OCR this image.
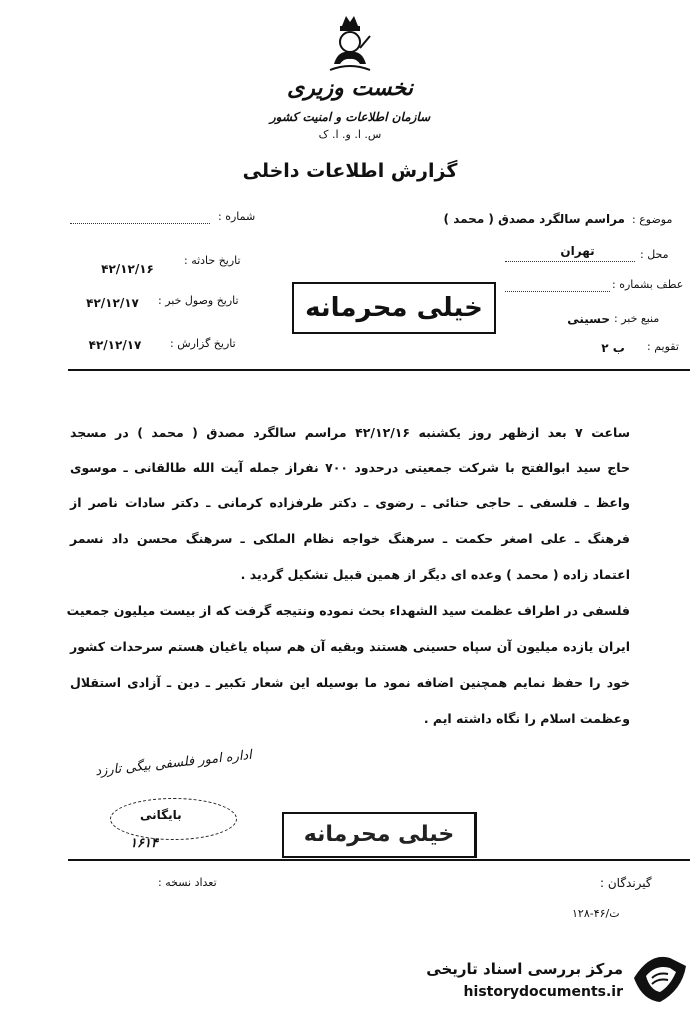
نخست وزیری
سازمان اطلاعات و امنیت کشور
س. ا. و. ا. ک
گزارش اطلاعات داخلی
موضوع :
مراسم سالگرد مصدق ( محمد )
محل :
تهران
عطف بشماره :
منبع خبر :
حسینی
تقویم :
ب ۲
شماره :
تاریخ حادثه :
۴۲/۱۲/۱۶
تاریخ وصول خبر :
۴۲/۱۲/۱۷
تاریخ گزارش :
۴۲/۱۲/۱۷
خیلی محرمانه
ساعت ۷ بعد ازظهر روز یکشنبه ۴۲/۱۲/۱۶ مراسم سالگرد مصدق ( محمد ) در مسجد
حاج سید ابوالفتح با شرکت جمعیتی درحدود ۷۰۰ نفراز جمله آیت الله طالقانی ـ موسوی
واعظ ـ فلسفی ـ حاجی حنائی ـ رضوی ـ دکتر طرفزاده کرمانی ـ دکتر سادات ناصر از
فرهنگ ـ علی اصغر حکمت ـ سرهنگ خواجه نظام الملکی ـ سرهنگ محسن داد نسمر
اعتماد زاده ( محمد ) وعده ای دیگر از همین قبیل تشکیل گردید .
فلسفی در اطراف عظمت سید الشهداء بحث نموده ونتیجه گرفت که از بیست میلیون جمعیت
ایران یازده میلیون آن سپاه حسینی هستند وبقیه آن هم سپاه یاغیان هستم سرحدات کشور
خود را حفظ نمایم همچنین اضافه نمود ما بوسیله این شعار تکبیر ـ دین ـ آزادی استقلال
وعظمت اسلام را نگاه داشته ایم .
اداره امور فلسفی بیگی تارزد
بایگانی
۱۶۱۴	خیلی محرمانه
گیرندگان :
تعداد نسخه :
۱۲۸-۴۶/ت
مرکز بررسی اسناد تاریخی
historydocuments.ir
